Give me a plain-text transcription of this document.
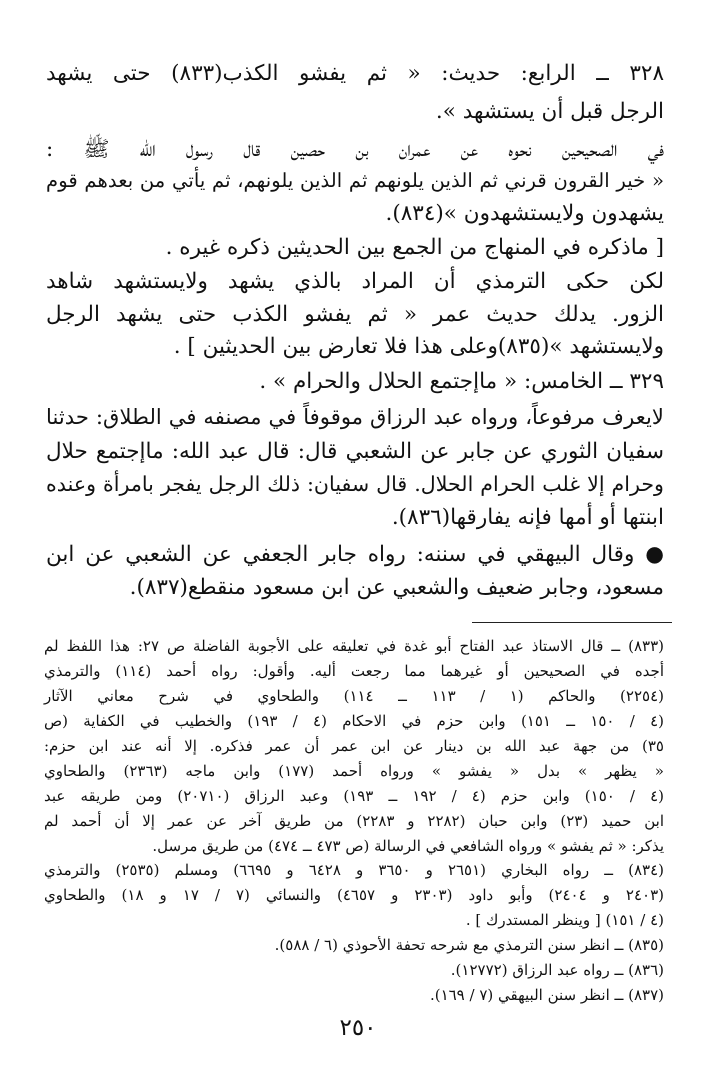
٣٢٨ ــ الرابع: حديث: « ثم يفشو الكذب(٨٣٣) حتى يشهد
الرجل قبل أن يستشهد ».
في الصحيحين نحوه عن عمران بن حصين قال رسول الله ﷺ :
« خير القرون قرني ثم الذين يلونهم ثم الذين يلونهم، ثم يأتي من بعدهم قوم
يشهدون ولايستشهدون »(٨٣٤).
[ ماذكره في المنهاج من الجمع بين الحديثين ذكره غيره .
لكن حكى الترمذي أن المراد بالذي يشهد ولايستشهد شاهد
الزور. يدلك حديث عمر « ثم يفشو الكذب حتى يشهد الرجل
ولايستشهد »(٨٣٥)وعلى هذا فلا تعارض بين الحديثين ] .
٣٢٩ ــ الخامس: « ماإجتمع الحلال والحرام » .
لايعرف مرفوعاً، ورواه عبد الرزاق موقوفاً في مصنفه في الطلاق: حدثنا
سفيان الثوري عن جابر عن الشعبي قال: قال عبد الله: ماإجتمع حلال
وحرام إلا غلب الحرام الحلال. قال سفيان: ذلك الرجل يفجر بامرأة وعنده
ابنتها أو أمها فإنه يفارقها(٨٣٦).
● وقال البيهقي في سننه: رواه جابر الجعفي عن الشعبي عن ابن
مسعود، وجابر ضعيف والشعبي عن ابن مسعود منقطع(٨٣٧).
(٨٣٣) ــ قال الاستاذ عبد الفتاح أبو غدة في تعليقه على الأجوبة الفاضلة ص ٢٧: هذا اللفظ لم
أجده في الصحيحين أو غيرهما مما رجعت أليه. وأقول: رواه أحمد (١١٤) والترمذي
(٢٢٥٤) والحاكم (١ / ١١٣ ــ ١١٤) والطحاوي في شرح معاني الآثار
(٤ / ١٥٠ ــ ١٥١) وابن حزم في الاحكام (٤ / ١٩٣) والخطيب في الكفاية (ص
٣٥) من جهة عبد الله بن دينار عن ابن عمر أن عمر فذكره. إلا أنه عند ابن حزم:
« يظهر » بدل « يفشو » ورواه أحمد (١٧٧) وابن ماجه (٢٣٦٣) والطحاوي
(٤ / ١٥٠) وابن حزم (٤ / ١٩٢ ــ ١٩٣) وعبد الرزاق (٢٠٧١٠) ومن طريقه عبد
ابن حميد (٢٣) وابن حبان (٢٢٨٢ و ٢٢٨٣) من طريق آخر عن عمر إلا أن أحمد لم
يذكر: « ثم يفشو » ورواه الشافعي في الرسالة (ص ٤٧٣ ــ ٤٧٤) من طريق مرسل.
(٨٣٤) ــ رواه البخاري (٢٦٥١ و ٣٦٥٠ و ٦٤٢٨ و ٦٦٩٥) ومسلم (٢٥٣٥) والترمذي
(٢٤٠٣ و ٢٤٠٤) وأبو داود (٢٣٠٣ و ٤٦٥٧) والنسائي (٧ / ١٧ و ١٨) والطحاوي
(٤ / ١٥١) [ وينظر المستدرك ] .
(٨٣٥) ــ انظر سنن الترمذي مع شرحه تحفة الأحوذي (٦ / ٥٨٨).
(٨٣٦) ــ رواه عبد الرزاق (١٢٧٧٢).
(٨٣٧) ــ انظر سنن البيهقي (٧ / ١٦٩).
٢٥٠
